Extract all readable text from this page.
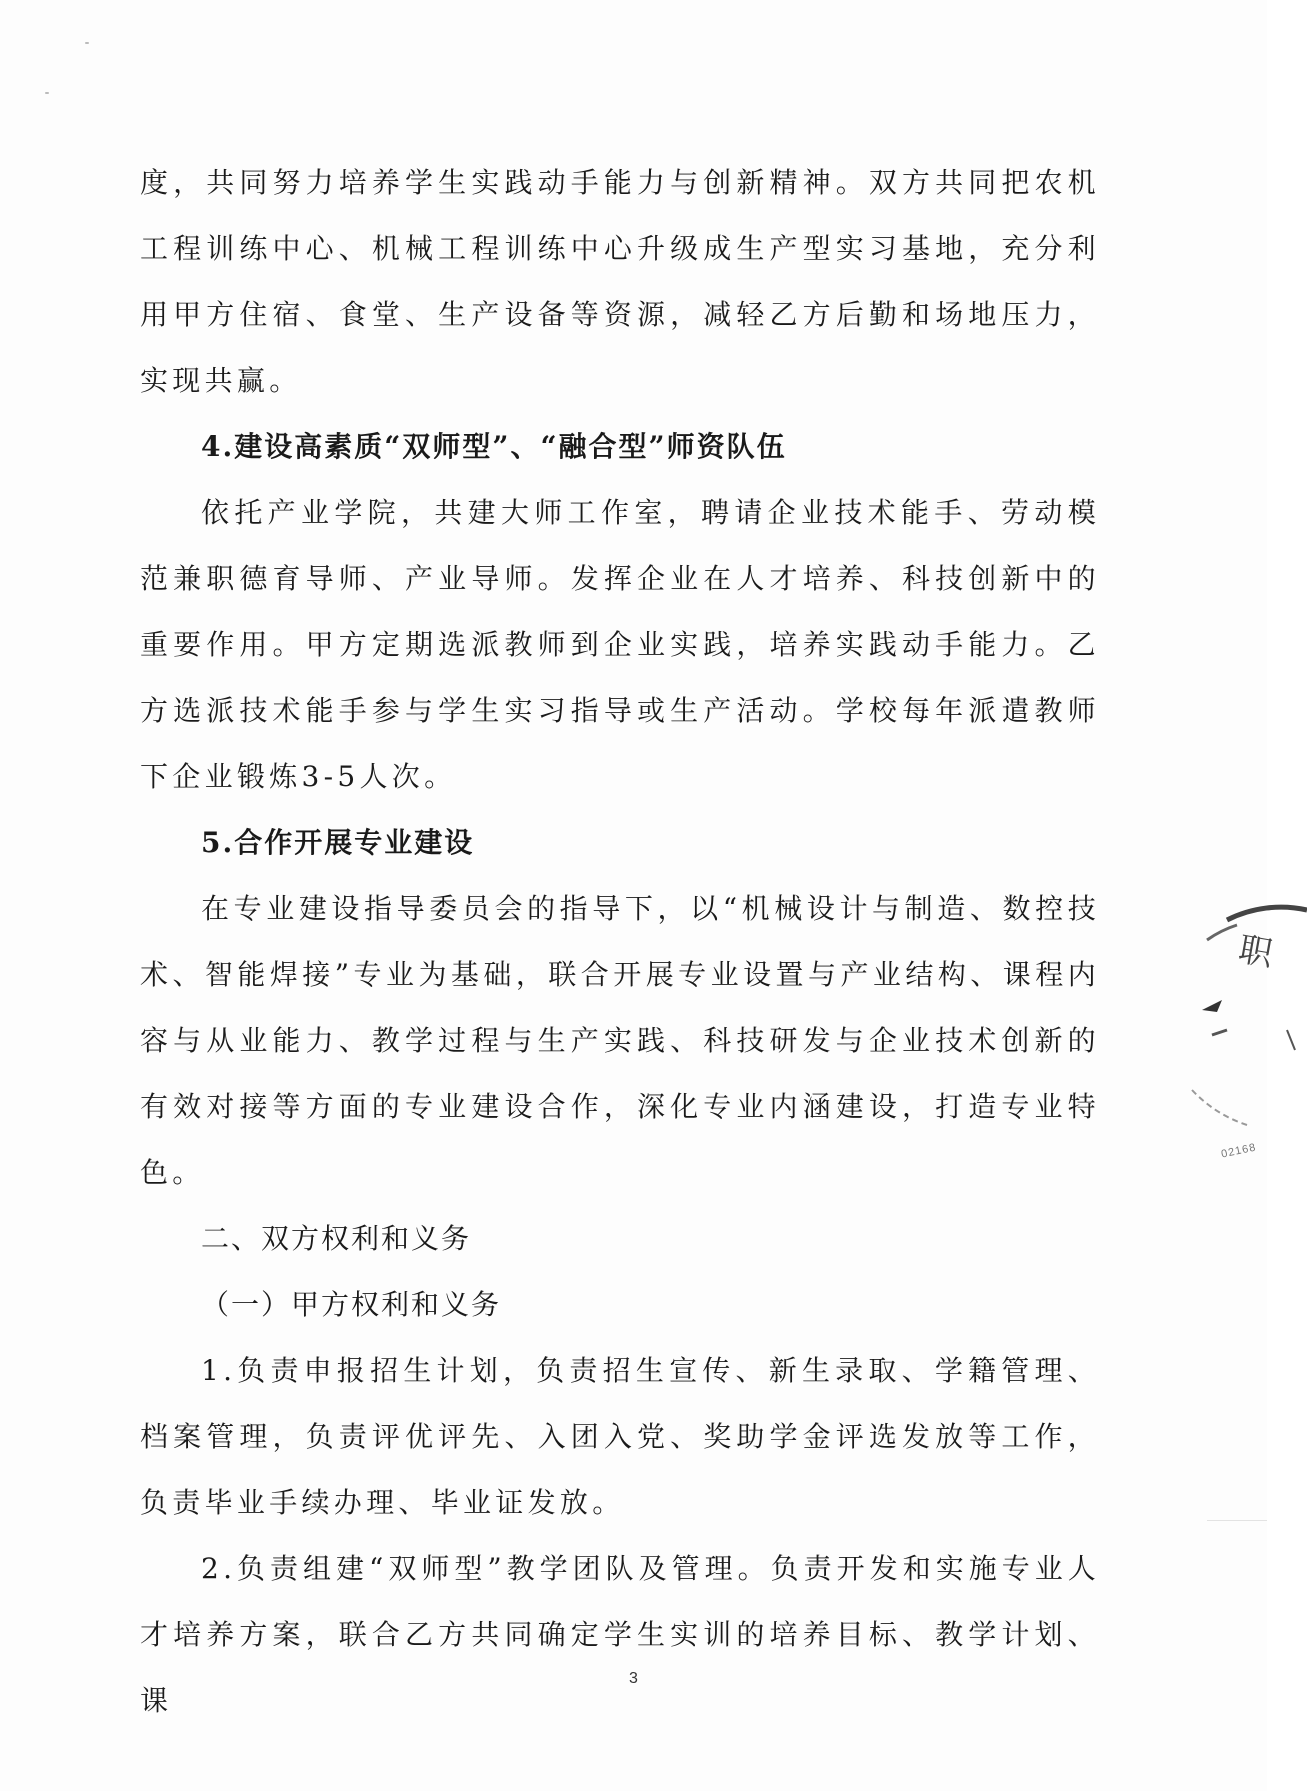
度，共同努力培养学生实践动手能力与创新精神。双方共同把农机工程训练中心、机械工程训练中心升级成生产型实习基地，充分利用甲方住宿、食堂、生产设备等资源，减轻乙方后勤和场地压力，实现共赢。

4.建设高素质“双师型”、“融合型”师资队伍

依托产业学院，共建大师工作室，聘请企业技术能手、劳动模范兼职德育导师、产业导师。发挥企业在人才培养、科技创新中的重要作用。甲方定期选派教师到企业实践，培养实践动手能力。乙方选派技术能手参与学生实习指导或生产活动。学校每年派遣教师下企业锻炼3-5人次。

5.合作开展专业建设

在专业建设指导委员会的指导下，以“机械设计与制造、数控技术、智能焊接”专业为基础，联合开展专业设置与产业结构、课程内容与从业能力、教学过程与生产实践、科技研发与企业技术创新的有效对接等方面的专业建设合作，深化专业内涵建设，打造专业特色。

二、双方权利和义务

（一）甲方权利和义务

1.负责申报招生计划，负责招生宣传、新生录取、学籍管理、档案管理，负责评优评先、入团入党、奖助学金评选发放等工作，负责毕业手续办理、毕业证发放。

2.负责组建“双师型”教学团队及管理。负责开发和实施专业人才培养方案，联合乙方共同确定学生实训的培养目标、教学计划、课

职
02168
3
